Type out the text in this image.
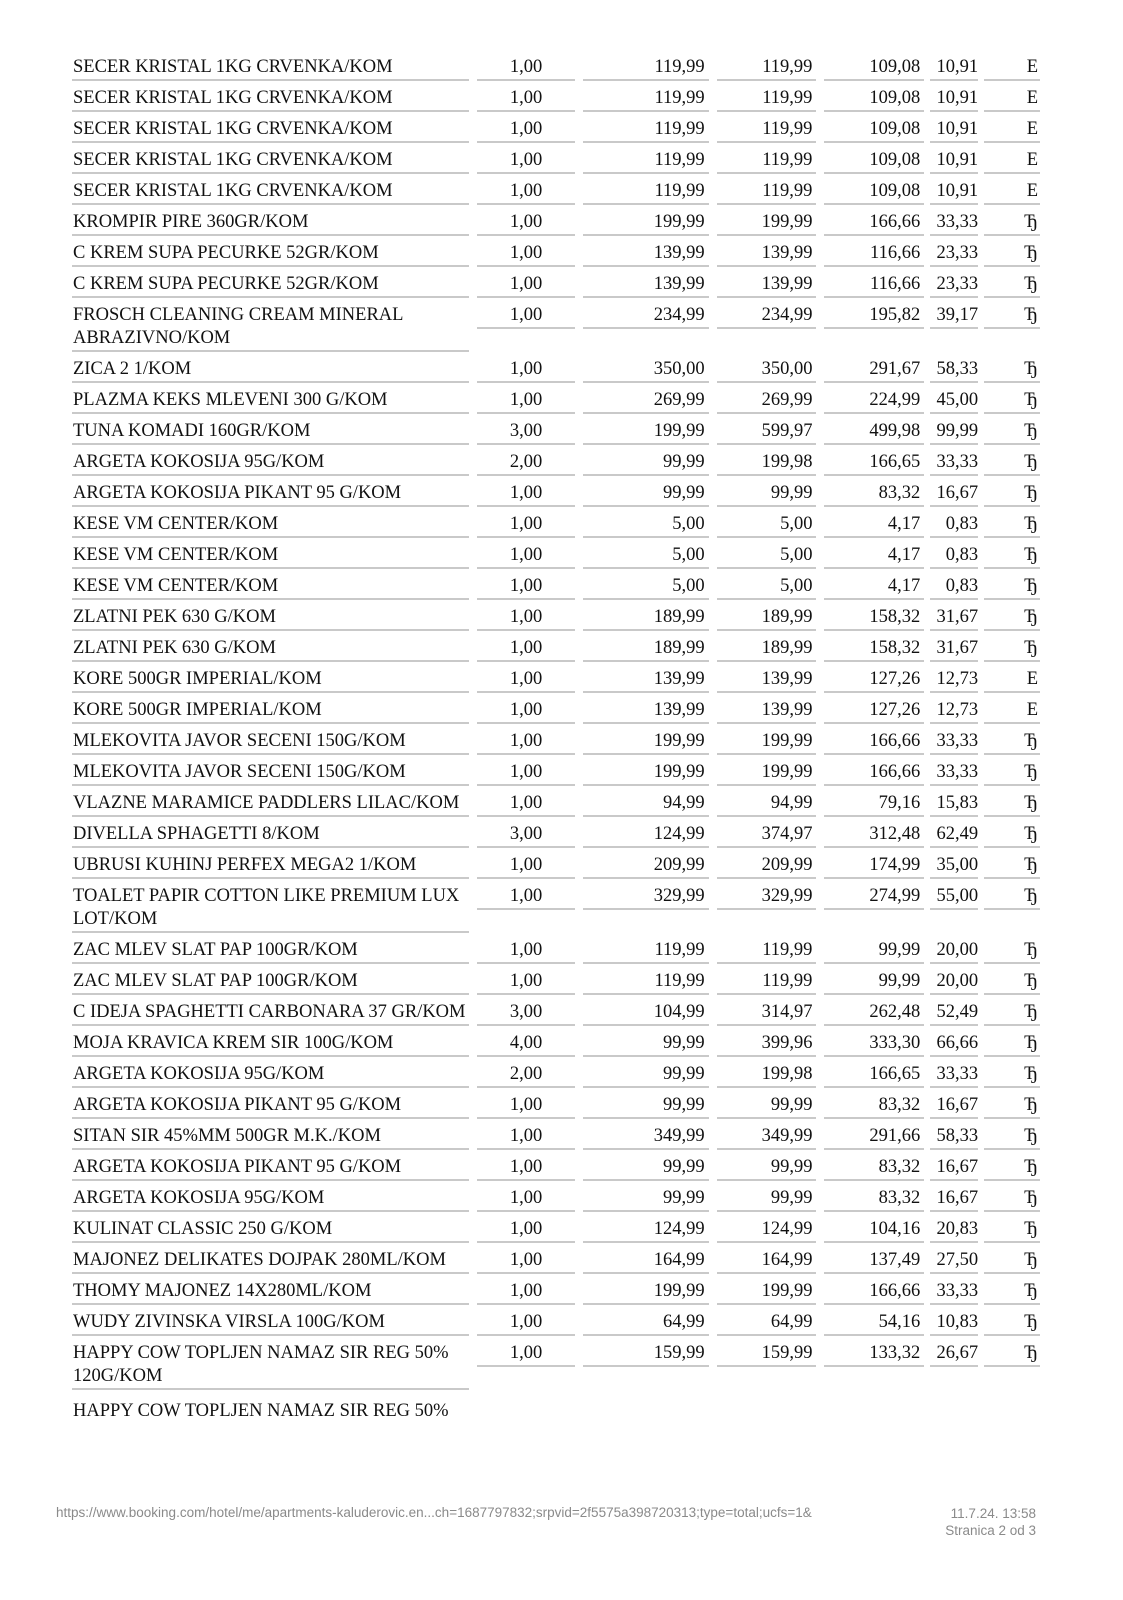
SECER KRISTAL 1KG CRVENKA/KOM	1,00	119,99	119,99	109,08 10,91	Е
SECER KRISTAL 1KG CRVENKA/KOM	1,00	119,99	119,99	109,08 10,91	Е
SECER KRISTAL 1KG CRVENKA/KOM	1,00	119,99	119,99	109,08 10,91	Е
SECER KRISTAL 1KG CRVENKA/KOM	1,00	119,99	119,99	109,08 10,91	Е
SECER KRISTAL 1KG CRVENKA/KOM	1,00	119,99	119,99	109,08 10,91	Е
KROMPIR PIRE 360GR/KOM	1,00	199,99	199,99	166,66 33,33	Ђ
C KREM SUPA PECURKE 52GR/KOM	1,00	139,99	139,99	116,66 23,33	Ђ
C KREM SUPA PECURKE 52GR/KOM	1,00	139,99	139,99	116,66 23,33	Ђ
FROSCH CLEANING CREAM MINERAL ABRAZIVNO/KOM
1,00	234,99	234,99	195,82 39,17	Ђ
ZICA 2 1/KOM	1,00	350,00	350,00	291,67 58,33	Ђ
PLAZMA KEKS MLEVENI 300 G/KOM	1,00	269,99	269,99	224,99 45,00	Ђ
TUNA KOMADI 160GR/KOM	3,00	199,99	599,97	499,98 99,99	Ђ
ARGETA KOKOSIJA 95G/KOM	2,00	99,99	199,98	166,65 33,33	Ђ
ARGETA KOKOSIJA PIKANT 95 G/KOM	1,00	99,99	99,99	83,32 16,67	Ђ
KESE VM CENTER/KOM	1,00	5,00	5,00	4,17	0,83	Ђ
KESE VM CENTER/KOM	1,00	5,00	5,00	4,17	0,83	Ђ
KESE VM CENTER/KOM	1,00	5,00	5,00	4,17	0,83	Ђ
ZLATNI PEK 630 G/KOM	1,00	189,99	189,99	158,32 31,67	Ђ
ZLATNI PEK 630 G/KOM	1,00	189,99	189,99	158,32 31,67	Ђ
KORE 500GR IMPERIAL/KOM	1,00	139,99	139,99	127,26 12,73	Е
KORE 500GR IMPERIAL/KOM	1,00	139,99	139,99	127,26 12,73	Е
MLEKOVITA JAVOR SECENI 150G/KOM	1,00	199,99	199,99	166,66 33,33	Ђ
MLEKOVITA JAVOR SECENI 150G/KOM	1,00	199,99	199,99	166,66 33,33	Ђ
VLAZNE MARAMICE PADDLERS LILAC/KOM	1,00	94,99	94,99	79,16 15,83	Ђ
DIVELLA SPHAGETTI 8/KOM	3,00	124,99	374,97	312,48 62,49	Ђ
UBRUSI KUHINJ PERFEX MEGA2 1/KOM	1,00	209,99	209,99	174,99 35,00	Ђ
TOALET PAPIR COTTON LIKE PREMIUM LUX LOT/KOM
1,00	329,99	329,99	274,99 55,00	Ђ
ZAC MLEV SLAT PAP 100GR/KOM	1,00	119,99	119,99	99,99 20,00	Ђ
ZAC MLEV SLAT PAP 100GR/KOM	1,00	119,99	119,99	99,99 20,00	Ђ
C IDEJA SPAGHETTI CARBONARA 37 GR/KOM	3,00	104,99	314,97	262,48 52,49	Ђ
MOJA KRAVICA KREM SIR 100G/KOM	4,00	99,99	399,96	333,30 66,66	Ђ
ARGETA KOKOSIJA 95G/KOM	2,00	99,99	199,98	166,65 33,33	Ђ
ARGETA KOKOSIJA PIKANT 95 G/KOM	1,00	99,99	99,99	83,32 16,67	Ђ
SITAN SIR 45%MM 500GR M.K./KOM	1,00	349,99	349,99	291,66 58,33	Ђ
ARGETA KOKOSIJA PIKANT 95 G/KOM	1,00	99,99	99,99	83,32 16,67	Ђ
ARGETA KOKOSIJA 95G/KOM	1,00	99,99	99,99	83,32 16,67	Ђ
KULINAT CLASSIC 250 G/KOM	1,00	124,99	124,99	104,16 20,83	Ђ
MAJONEZ DELIKATES DOJPAK 280ML/KOM	1,00	164,99	164,99	137,49 27,50	Ђ
THOMY MAJONEZ 14X280ML/KOM	1,00	199,99	199,99	166,66 33,33	Ђ
WUDY ZIVINSKA VIRSLA 100G/KOM	1,00	64,99	64,99	54,16 10,83	Ђ
HAPPY COW TOPLJEN NAMAZ SIR REG 50% 120G/KOM
1,00	159,99	159,99	133,32 26,67	Ђ
HAPPY COW TOPLJEN NAMAZ SIR REG 50%
https://www.booking.com/hotel/me/apartments-kaluderovic.en...ch=1687797832;srpvid=2f5575a398720313;type=total;ucfs=1&	11.7.24. 13:58
Stranica 2 od 3
